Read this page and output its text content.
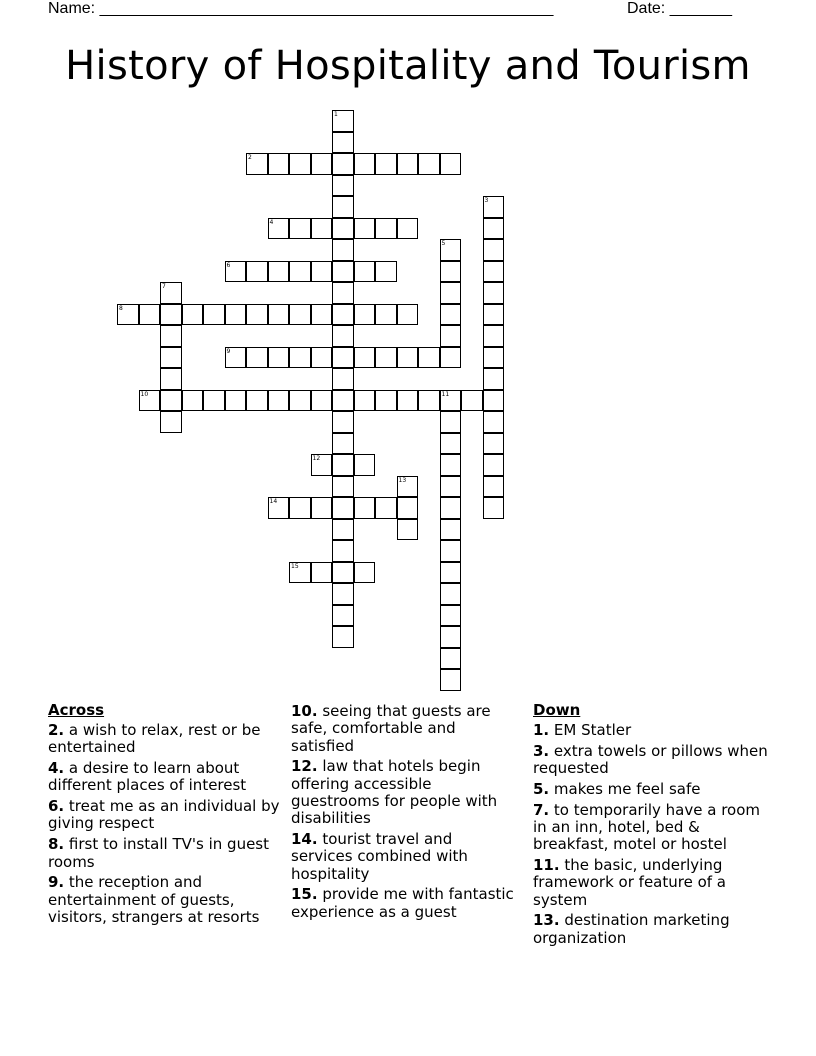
Name: ___________________________________________________	Date: _______
History of Hospitality and Tourism
1
2
3
4
5
6
7
8
9
10	11
12
13
14
15
Across
2. a wish to relax, rest or be entertained
4. a desire to learn about different places of interest
6. treat me as an individual by giving respect
8. first to install TV's in guest rooms
9. the reception and entertainment of guests, visitors, strangers at resorts
10. seeing that guests are safe, comfortable and satisfied
12. law that hotels begin offering accessible guestrooms for people with disabilities
14. tourist travel and services combined with hospitality
15. provide me with fantastic experience as a guest
Down
1. EM Statler
3. extra towels or pillows when requested
5. makes me feel safe
7. to temporarily have a room in an inn, hotel, bed & breakfast, motel or hostel
11. the basic, underlying framework or feature of a system
13. destination marketing organization
